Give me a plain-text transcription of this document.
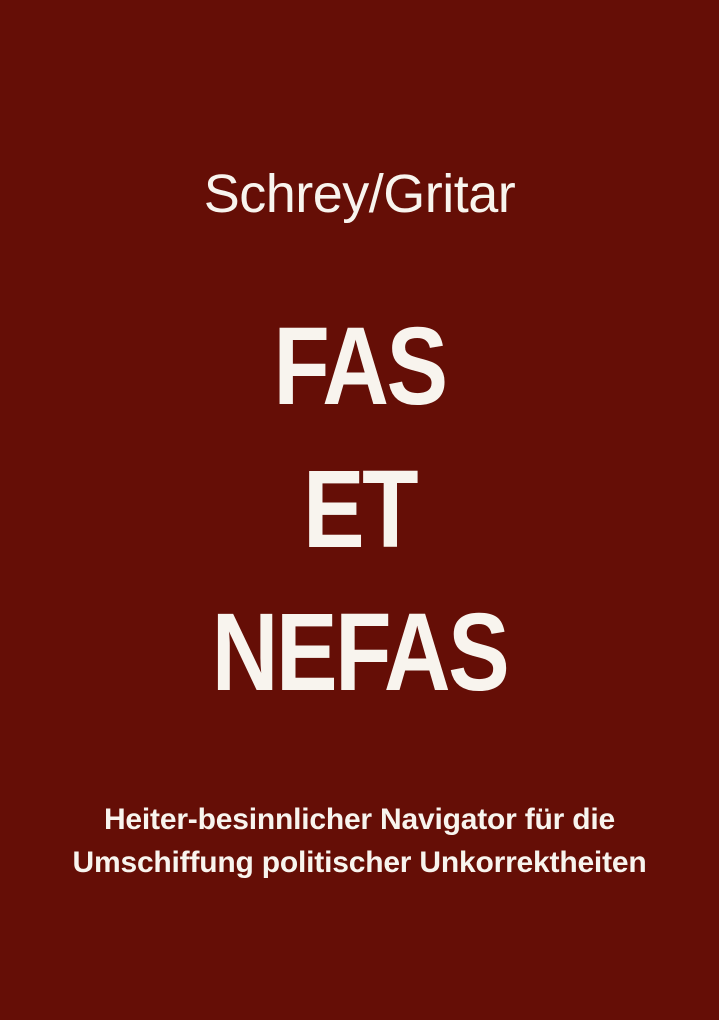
Schrey/Gritar
FAS
ET
NEFAS
Heiter-besinnlicher Navigator für die
Umschiffung politischer Unkorrektheiten
